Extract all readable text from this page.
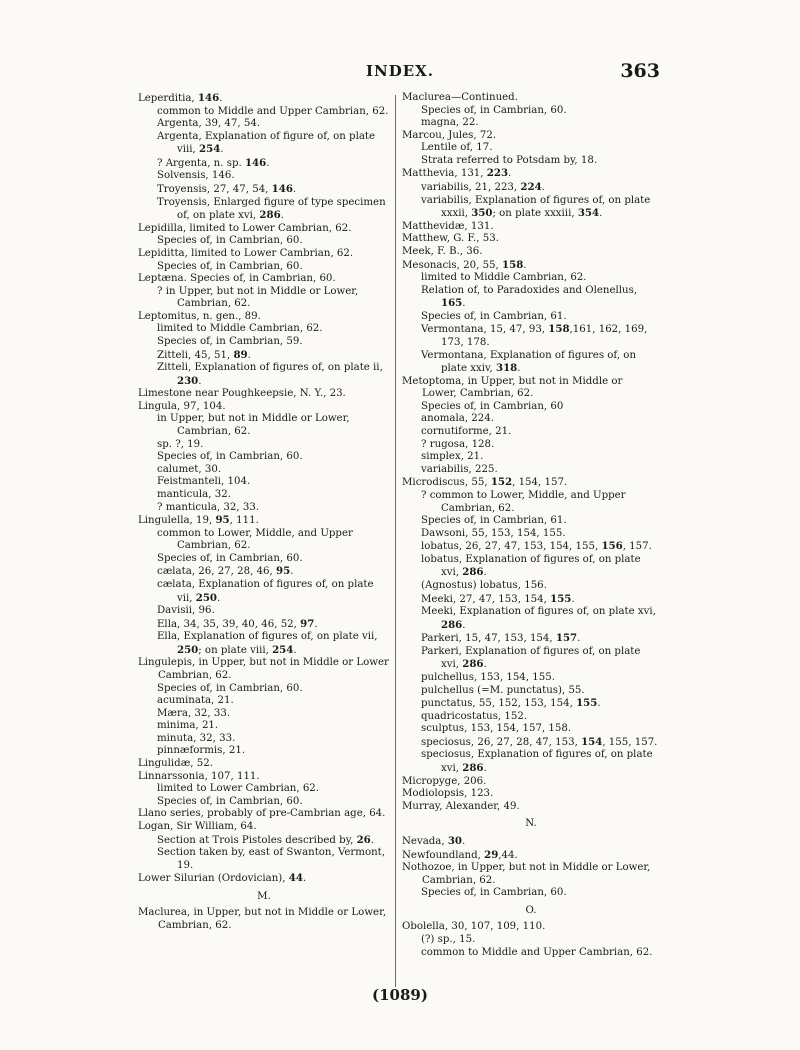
INDEX.	363

Leperditia, 146.

common to Middle and Upper Cambrian, 62.

Argenta, 39, 47, 54.

Argenta, Explanation of figure of, on plate viii, 254.

? Argenta, n. sp. 146.

Solvensis, 146.

Troyensis, 27, 47, 54, 146.

Troyensis, Enlarged figure of type specimen of, on plate xvi, 286.

Lepidilla, limited to Lower Cambrian, 62.

Species of, in Cambrian, 60.

Lepiditta, limited to Lower Cambrian, 62.

Species of, in Cambrian, 60.

Leptæna. Species of, in Cambrian, 60.

? in Upper, but not in Middle or Lower, Cambrian, 62.

Leptomitus, n. gen., 89.

limited to Middle Cambrian, 62.

Species of, in Cambrian, 59.

Zitteli, 45, 51, 89.

Zitteli, Explanation of figures of, on plate ii, 230.

Limestone near Poughkeepsie, N. Y., 23.

Lingula, 97, 104.

in Upper, but not in Middle or Lower, Cambrian, 62.

sp. ?, 19.

Species of, in Cambrian, 60.

calumet, 30.

Feistmanteli, 104.

manticula, 32.

? manticula, 32, 33.

Lingulella, 19, 95, 111.

common to Lower, Middle, and Upper Cambrian, 62.

Species of, in Cambrian, 60.

cælata, 26, 27, 28, 46, 95.

cælata, Explanation of figures of, on plate vii, 250.

Davisii, 96.

Ella, 34, 35, 39, 40, 46, 52, 97.

Ella, Explanation of figures of, on plate vii, 250; on plate viii, 254.

Lingulepis, in Upper, but not in Middle or Lower Cambrian, 62.

Species of, in Cambrian, 60.

acuminata, 21.

Mæra, 32, 33.

minima, 21.

minuta, 32, 33.

pinnæformis, 21.

Lingulidæ, 52.

Linnarssonia, 107, 111.

limited to Lower Cambrian, 62.

Species of, in Cambrian, 60.

Llano series, probably of pre-Cambrian age, 64.

Logan, Sir William, 64.

Section at Trois Pistoles described by, 26.

Section taken by, east of Swanton, Vermont, 19.

Lower Silurian (Ordovician), 44.

M.

Maclurea, in Upper, but not in Middle or Lower, Cambrian, 62.

Maclurea—Continued.

Species of, in Cambrian, 60.

magna, 22.

Marcou, Jules, 72.

Lentile of, 17.

Strata referred to Potsdam by, 18.

Matthevia, 131, 223.

variabilis, 21, 223, 224.

variabilis, Explanation of figures of, on plate xxxii, 350; on plate xxxiii, 354.

Matthevidæ, 131.

Matthew, G. F., 53.

Meek, F. B., 36.

Mesonacis, 20, 55, 158.

limited to Middle Cambrian, 62.

Relation of, to Paradoxides and Olenellus, 165.

Species of, in Cambrian, 61.

Vermontana, 15, 47, 93, 158,161, 162, 169, 173, 178.

Vermontana, Explanation of figures of, on plate xxiv, 318.

Metoptoma, in Upper, but not in Middle or Lower, Cambrian, 62.

Species of, in Cambrian, 60

anomala, 224.

cornutiforme, 21.

? rugosa, 128.

simplex, 21.

variabilis, 225.

Microdiscus, 55, 152, 154, 157.

? common to Lower, Middle, and Upper Cambrian, 62.

Species of, in Cambrian, 61.

Dawsoni, 55, 153, 154, 155.

lobatus, 26, 27, 47, 153, 154, 155, 156, 157.

lobatus, Explanation of figures of, on plate xvi, 286.

(Agnostus) lobatus, 156.

Meeki, 27, 47, 153, 154, 155.

Meeki, Explanation of figures of, on plate xvi, 286.

Parkeri, 15, 47, 153, 154, 157.

Parkeri, Explanation of figures of, on plate xvi, 286.

pulchellus, 153, 154, 155.

pulchellus (=M. punctatus), 55.

punctatus, 55, 152, 153, 154, 155.

quadricostatus, 152.

sculptus, 153, 154, 157, 158.

speciosus, 26, 27, 28, 47, 153, 154, 155, 157.

speciosus, Explanation of figures of, on plate xvi, 286.

Micropyge, 206.

Modiolopsis, 123.

Murray, Alexander, 49.

N.

Nevada, 30.

Newfoundland, 29,44.

Nothozoe, in Upper, but not in Middle or Lower, Cambrian, 62.

Species of, in Cambrian, 60.

O.

Obolella, 30, 107, 109, 110.

(?) sp., 15.

common to Middle and Upper Cambrian, 62.

(1089)
